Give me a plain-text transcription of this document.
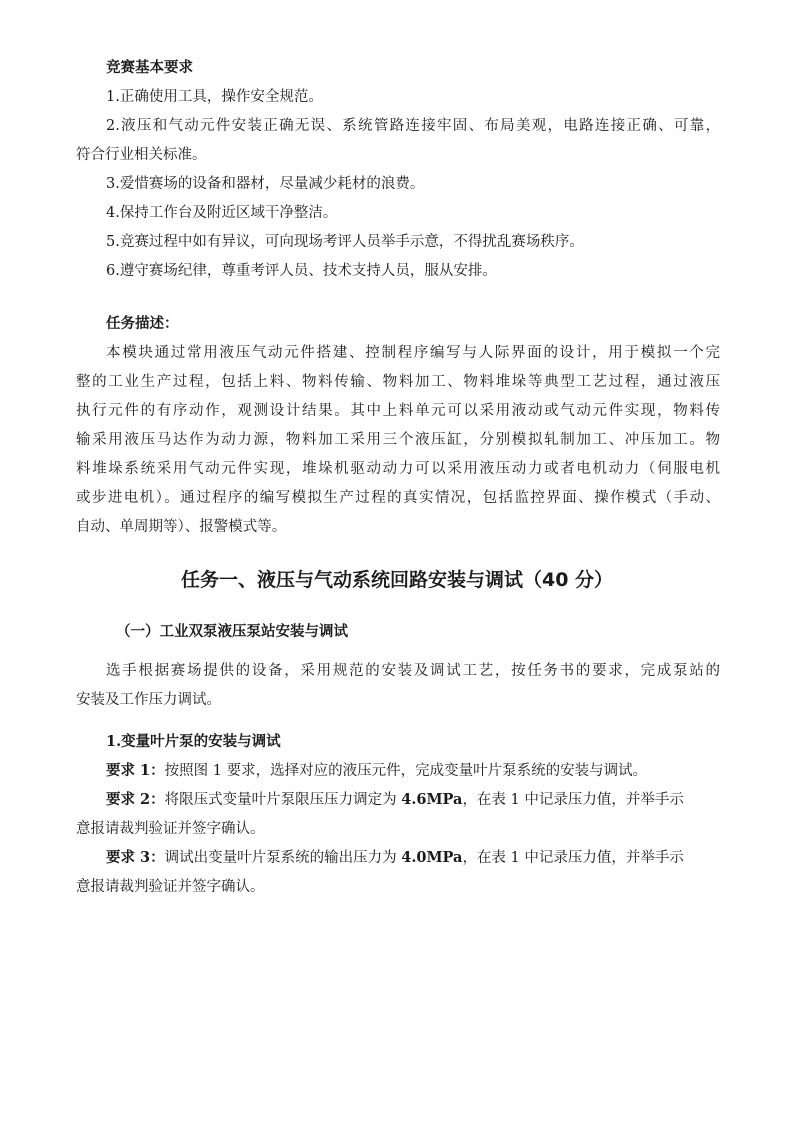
竞赛基本要求
1.正确使用工具，操作安全规范。
2.液压和气动元件安装正确无误、系统管路连接牢固、布局美观，电路连接正确、可靠，
符合行业相关标准。
3.爱惜赛场的设备和器材，尽量减少耗材的浪费。
4.保持工作台及附近区域干净整洁。
5.竞赛过程中如有异议，可向现场考评人员举手示意，不得扰乱赛场秩序。
6.遵守赛场纪律，尊重考评人员、技术支持人员，服从安排。
任务描述：
本模块通过常用液压气动元件搭建、控制程序编写与人际界面的设计，用于模拟一个完
整的工业生产过程，包括上料、物料传输、物料加工、物料堆垛等典型工艺过程，通过液压
执行元件的有序动作，观测设计结果。其中上料单元可以采用液动或气动元件实现，物料传
输采用液压马达作为动力源，物料加工采用三个液压缸，分别模拟轧制加工、冲压加工。物
料堆垛系统采用气动元件实现，堆垛机驱动动力可以采用液压动力或者电机动力（伺服电机
或步进电机）。通过程序的编写模拟生产过程的真实情况，包括监控界面、操作模式（手动、
自动、单周期等）、报警模式等。
任务一、液压与气动系统回路安装与调试（40 分）
（一）工业双泵液压泵站安装与调试
选手根据赛场提供的设备，采用规范的安装及调试工艺，按任务书的要求，完成泵站的
安装及工作压力调试。
1.变量叶片泵的安装与调试
要求 1：按照图 1 要求，选择对应的液压元件，完成变量叶片泵系统的安装与调试。
要求 2：将限压式变量叶片泵限压压力调定为 4.6MPa，在表 1 中记录压力值，并举手示
意报请裁判验证并签字确认。
要求 3：调试出变量叶片泵系统的输出压力为 4.0MPa，在表 1 中记录压力值，并举手示
意报请裁判验证并签字确认。
